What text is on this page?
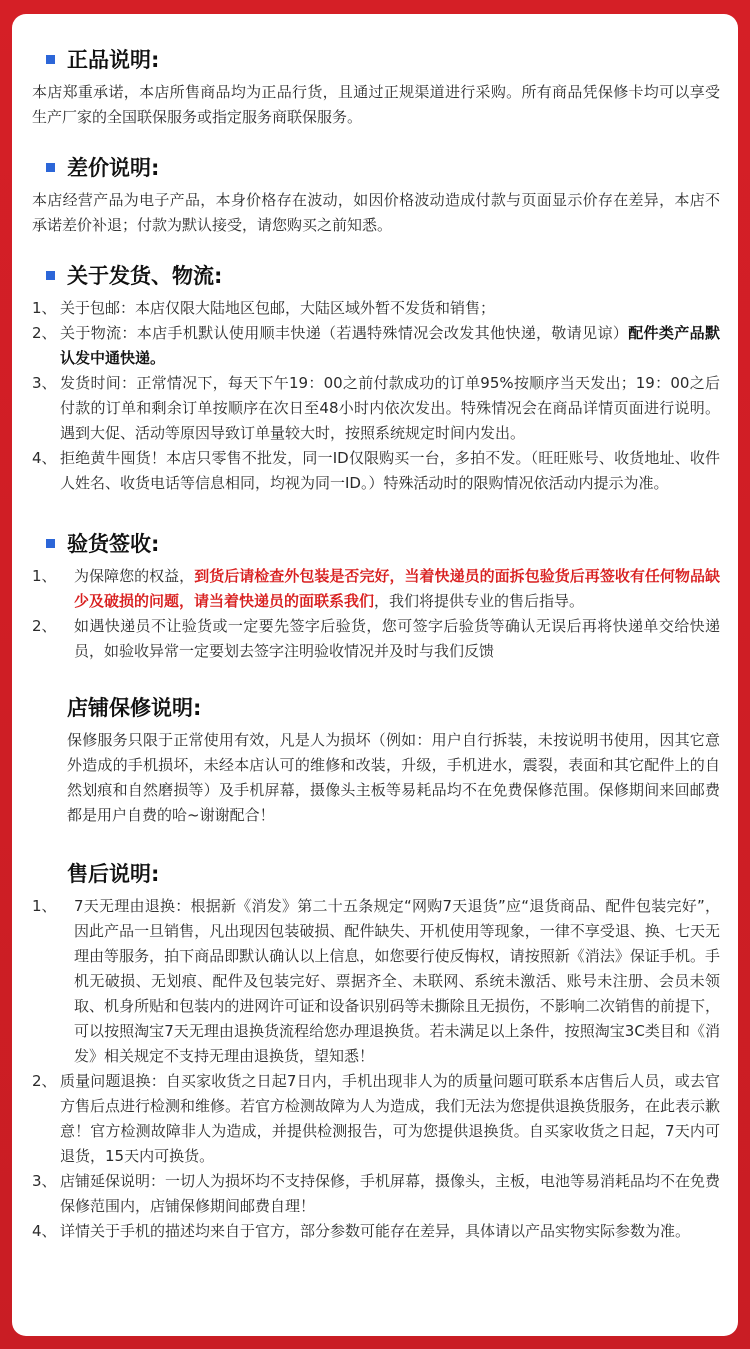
正品说明:

本店郑重承诺，本店所售商品均为正品行货，且通过正规渠道进行采购。所有商品凭保修卡均可以享受生产厂家的全国联保服务或指定服务商联保服务。

差价说明:

本店经营产品为电子产品，本身价格存在波动，如因价格波动造成付款与页面显示价存在差异，本店不承诺差价补退；付款为默认接受，请您购买之前知悉。

关于发货、物流:
1、 关于包邮：本店仅限大陆地区包邮，大陆区域外暂不发货和销售；
2、 关于物流：本店手机默认使用顺丰快递（若遇特殊情况会改发其他快递，敬请见谅）配件类产品默认发中通快递。
3、 发货时间：正常情况下，每天下午19：00之前付款成功的订单95%按顺序当天发出；19：00之后付款的订单和剩余订单按顺序在次日至48小时内依次发出。特殊情况会在商品详情页面进行说明。遇到大促、活动等原因导致订单量较大时，按照系统规定时间内发出。
4、 拒绝黄牛囤货！本店只零售不批发，同一ID仅限购买一台，多拍不发。（旺旺账号、收货地址、收件人姓名、收货电话等信息相同，均视为同一ID。）特殊活动时的限购情况依活动内提示为准。
验货签收:
1、	为保障您的权益，到货后请检查外包装是否完好，当着快递员的面拆包验货后再签收有任何物品缺少及破损的问题，请当着快递员的面联系我们，我们将提供专业的售后指导。
2、	如遇快递员不让验货或一定要先签字后验货，您可签字后验货等确认无误后再将快递单交给快递员，如验收异常一定要划去签字注明验收情况并及时与我们反馈
店铺保修说明:

保修服务只限于正常使用有效，凡是人为损坏（例如：用户自行拆装，未按说明书使用，因其它意外造成的手机损坏，未经本店认可的维修和改装，升级，手机进水，震裂，表面和其它配件上的自然划痕和自然磨损等）及手机屏幕，摄像头主板等易耗品均不在免费保修范围。保修期间来回邮费都是用户自费的哈~谢谢配合！

售后说明:
1、	7天无理由退换：根据新《消发》第二十五条规定“网购7天退货”应“退货商品、配件包装完好”，因此产品一旦销售，凡出现因包装破损、配件缺失、开机使用等现象，一律不享受退、换、七天无理由等服务，拍下商品即默认确认以上信息，如您要行使反悔权，请按照新《消法》保证手机。手机无破损、无划痕、配件及包装完好、票据齐全、未联网、系统未激活、账号未注册、会员未领取、机身所贴和包装内的进网许可证和设备识别码等未撕除且无损伤，不影响二次销售的前提下，可以按照淘宝7天无理由退换货流程给您办理退换货。若未满足以上条件，按照淘宝3C类目和《消发》相关规定不支持无理由退换货，望知悉！
2、 质量问题退换：自买家收货之日起7日内，手机出现非人为的质量问题可联系本店售后人员，或去官方售后点进行检测和维修。若官方检测故障为人为造成，我们无法为您提供退换货服务，在此表示歉意！官方检测故障非人为造成，并提供检测报告，可为您提供退换货。自买家收货之日起，7天内可退货，15天内可换货。
3、 店铺延保说明：一切人为损坏均不支持保修，手机屏幕，摄像头，主板，电池等易消耗品均不在免费保修范围内，店铺保修期间邮费自理！
4、 详情关于手机的描述均来自于官方，部分参数可能存在差异，具体请以产品实物实际参数为准。
